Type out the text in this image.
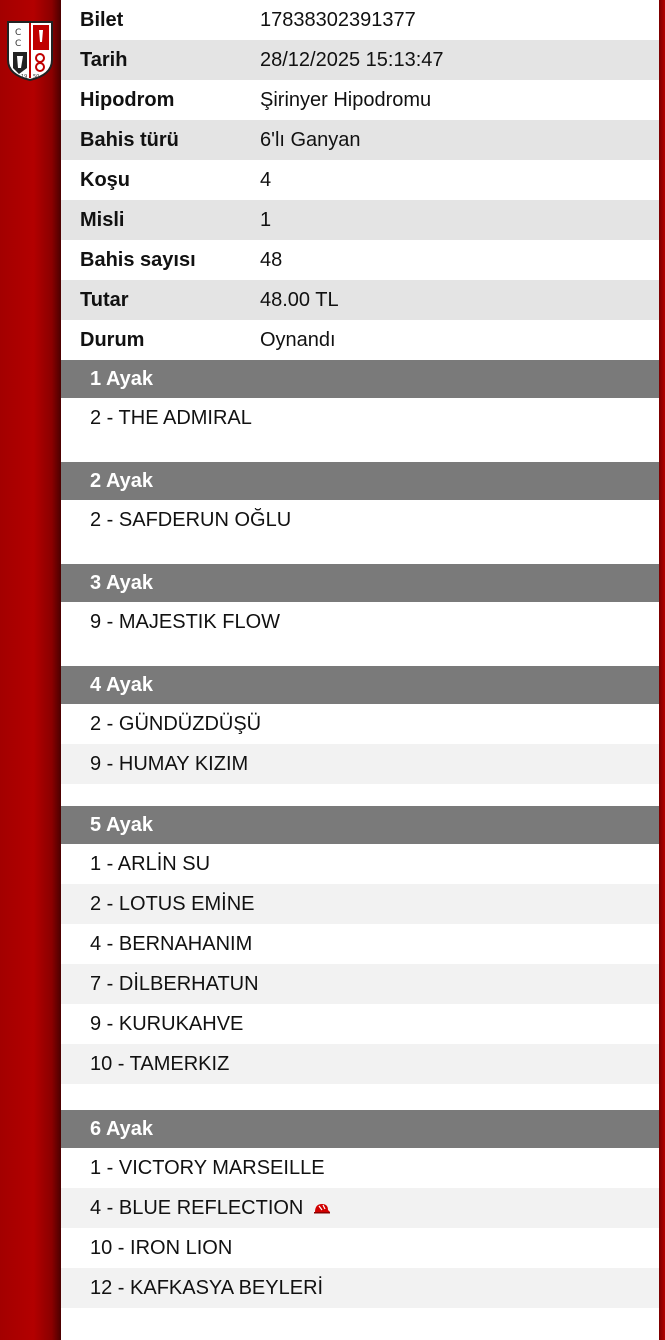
C
C
19 50
Bilet	17838302391377
Tarih	28/12/2025 15:13:47
Hipodrom	Şirinyer Hipodromu
Bahis türü	6'lı Ganyan
Koşu	4
Misli	1
Bahis sayısı	48
Tutar	48.00 TL
Durum	Oynandı
1 Ayak
2 - THE ADMIRAL
2 Ayak
2 - SAFDERUN OĞLU
3 Ayak
9 - MAJESTIK FLOW
4 Ayak
2 - GÜNDÜZDÜŞÜ
9 - HUMAY KIZIM
5 Ayak
1 - ARLİN SU
2 - LOTUS EMİNE
4 - BERNAHANIM
7 - DİLBERHATUN
9 - KURUKAHVE
10 - TAMERKIZ
6 Ayak
1 - VICTORY MARSEILLE
4 - BLUE REFLECTION
10 - IRON LION
12 - KAFKASYA BEYLERİ
